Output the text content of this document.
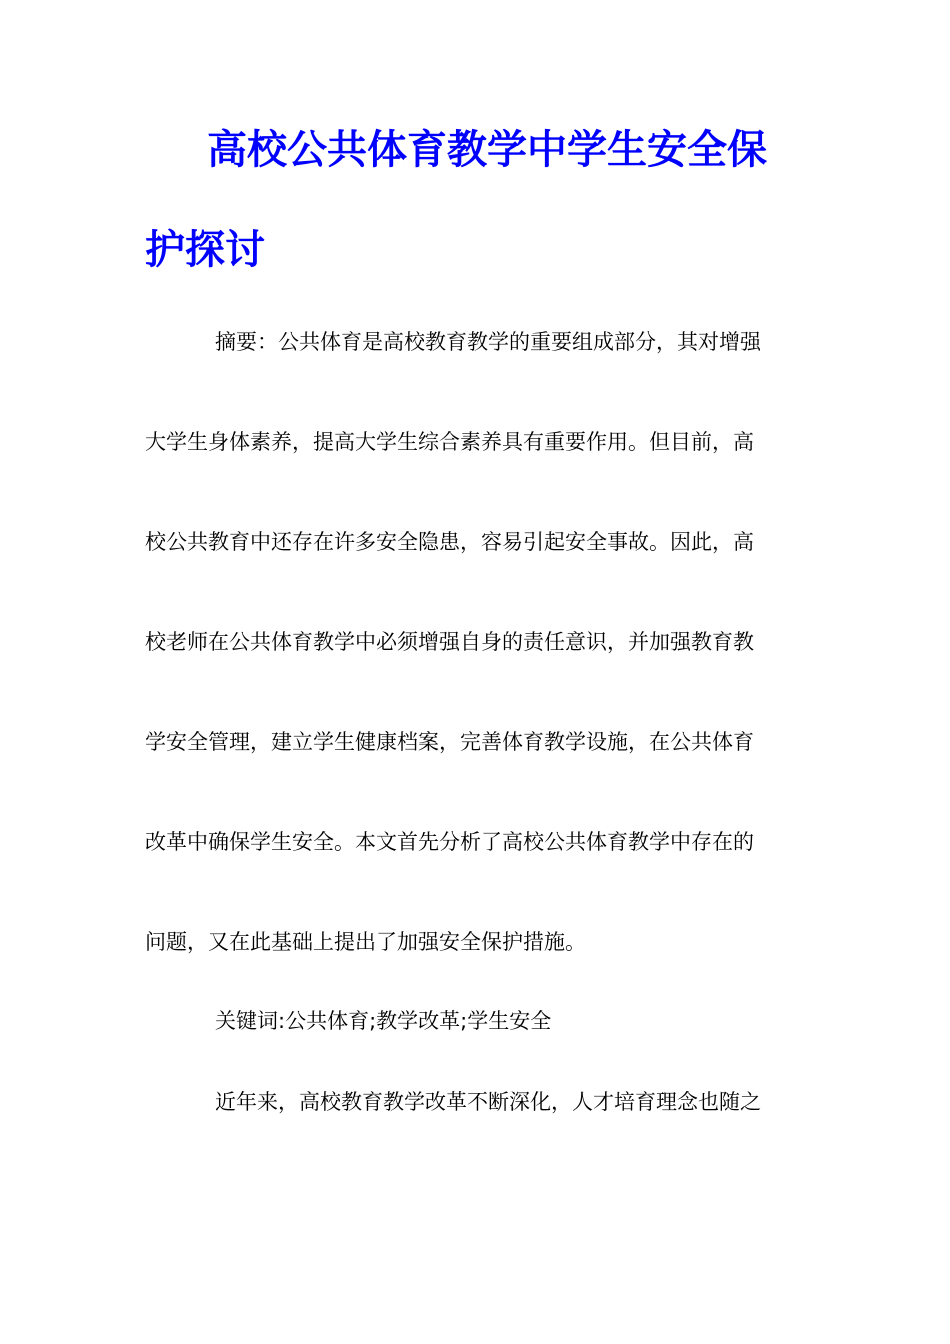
高校公共体育教学中学生安全保
护探讨
摘要：公共体育是高校教育教学的重要组成部分，其对增强
大学生身体素养，提高大学生综合素养具有重要作用。但目前，高
校公共教育中还存在许多安全隐患，容易引起安全事故。因此，高
校老师在公共体育教学中必须增强自身的责任意识，并加强教育教
学安全管理，建立学生健康档案，完善体育教学设施，在公共体育
改革中确保学生安全。本文首先分析了高校公共体育教学中存在的
问题，又在此基础上提出了加强安全保护措施。
关键词:公共体育;教学改革;学生安全
近年来，高校教育教学改革不断深化，人才培育理念也随之
